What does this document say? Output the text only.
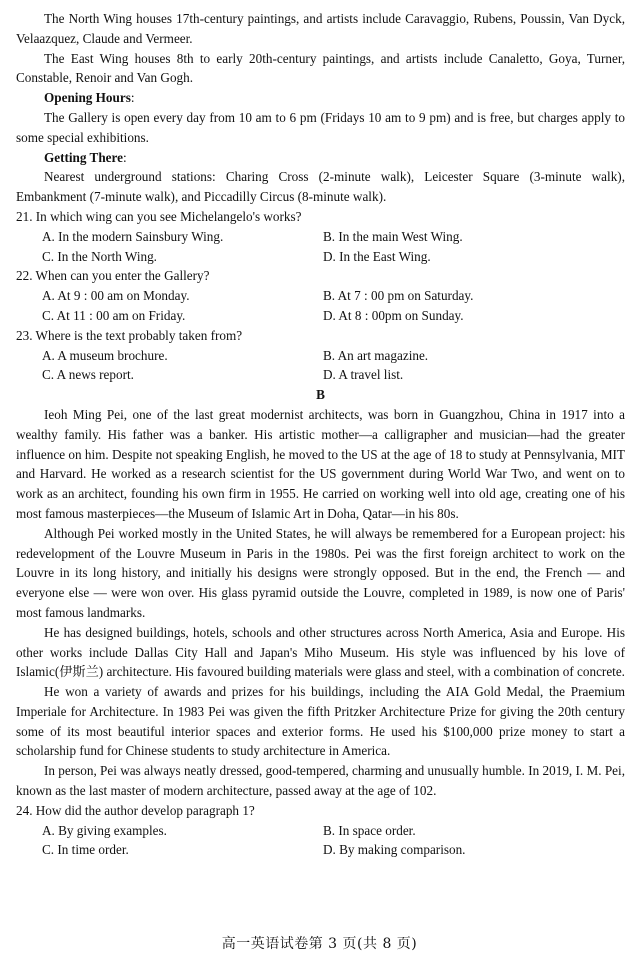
The North Wing houses 17th-century paintings, and artists include Caravaggio, Rubens, Poussin, Van Dyck, Velaazquez, Claude and Vermeer.

The East Wing houses 8th to early 20th-century paintings, and artists include Canaletto, Goya, Turner, Constable, Renoir and Van Gogh.

Opening Hours:

The Gallery is open every day from 10 am to 6 pm (Fridays 10 am to 9 pm) and is free, but charges apply to some special exhibitions.

Getting There:

Nearest underground stations: Charing Cross (2-minute walk), Leicester Square (3-minute walk), Embankment (7-minute walk), and Piccadilly Circus (8-minute walk).

21. In which wing can you see Michelangelo's works?

A. In the modern Sainsbury Wing.	B. In the main West Wing.
C. In the North Wing.	D. In the East Wing.

22. When can you enter the Gallery?

A. At 9 : 00 am on Monday.	B. At 7 : 00 pm on Saturday.
C. At 11 : 00 am on Friday.	D. At 8 : 00pm on Sunday.

23. Where is the text probably taken from?

A. A museum brochure.	B. An art magazine.
C. A news report.	D. A travel list.

B

Ieoh Ming Pei, one of the last great modernist architects, was born in Guangzhou, China in 1917 into a wealthy family. His father was a banker. His artistic mother—a calligrapher and musician—had the greater influence on him. Despite not speaking English, he moved to the US at the age of 18 to study at Pennsylvania, MIT and Harvard. He worked as a research scientist for the US government during World War Two, and went on to work as an architect, founding his own firm in 1955. He carried on working well into old age, creating one of his most famous masterpieces—the Museum of Islamic Art in Doha, Qatar—in his 80s.

Although Pei worked mostly in the United States, he will always be remembered for a European project: his redevelopment of the Louvre Museum in Paris in the 1980s. Pei was the first foreign architect to work on the Louvre in its long history, and initially his designs were strongly opposed. But in the end, the French — and everyone else — were won over. His glass pyramid outside the Louvre, completed in 1989, is now one of Paris' most famous landmarks.

He has designed buildings, hotels, schools and other structures across North America, Asia and Europe. His other works include Dallas City Hall and Japan's Miho Museum. His style was influenced by his love of Islamic(伊斯兰) architecture. His favoured building materials were glass and steel, with a combination of concrete.

He won a variety of awards and prizes for his buildings, including the AIA Gold Medal, the Praemium Imperiale for Architecture. In 1983 Pei was given the fifth Pritzker Architecture Prize for giving the 20th century some of its most beautiful interior spaces and exterior forms. He used his $100,000 prize money to start a scholarship fund for Chinese students to study architecture in America.

In person, Pei was always neatly dressed, good-tempered, charming and unusually humble. In 2019, I. M. Pei, known as the last master of modern architecture, passed away at the age of 102.

24. How did the author develop paragraph 1?

A. By giving examples.	B. In space order.
C. In time order.	D. By making comparison.
高一英语试卷第 3 页(共 8 页)
